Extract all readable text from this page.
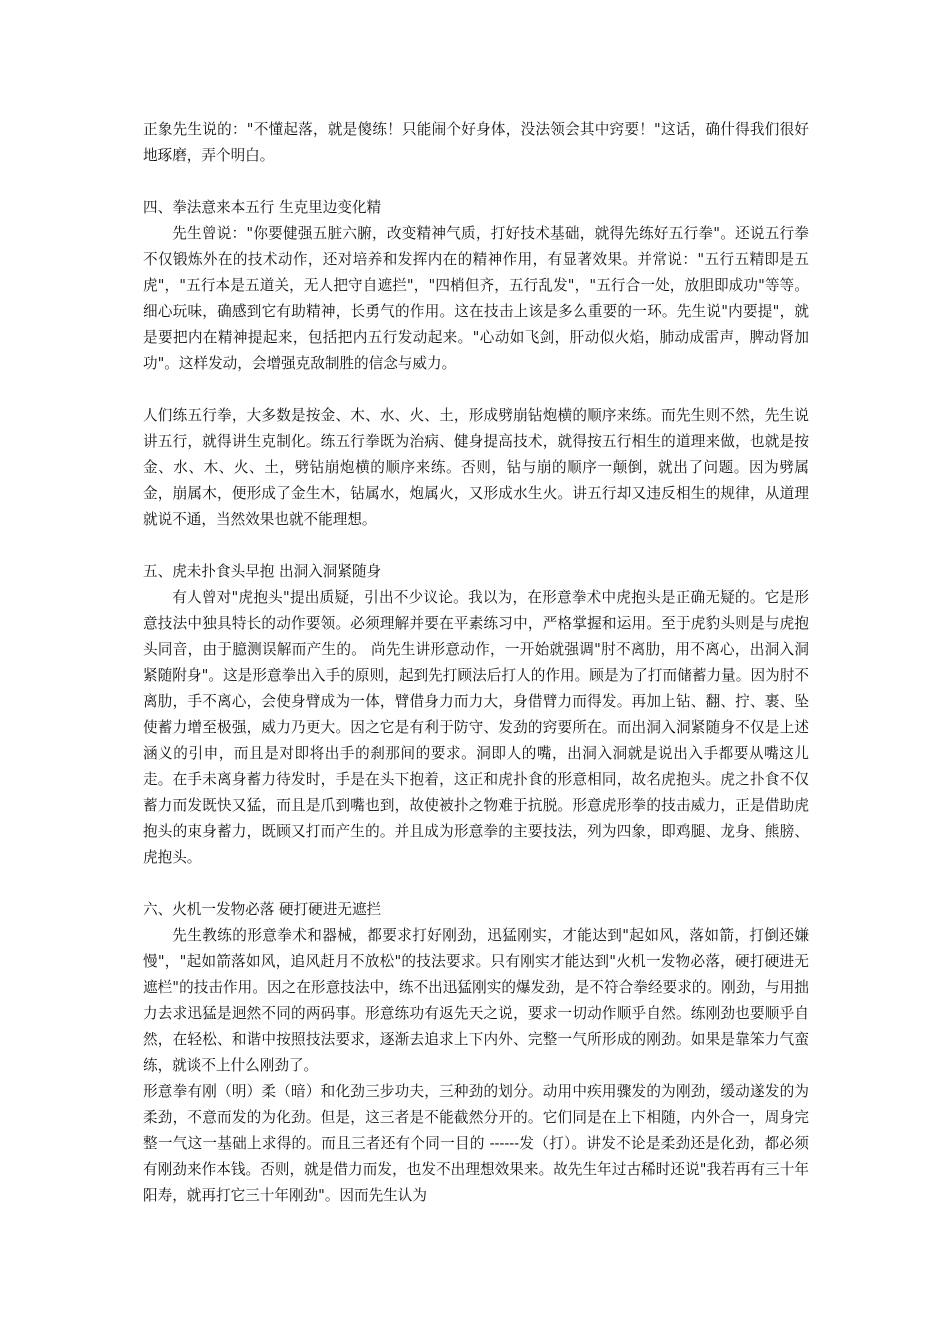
正象先生说的："不懂起落，就是傻练！只能闹个好身体，没法领会其中窍要！"这话，确什得我们很好地琢磨，弄个明白。

四、拳法意来本五行 生克里边变化精

先生曾说："你要健强五脏六腑，改变精神气质，打好技术基础，就得先练好五行拳"。还说五行拳不仅锻炼外在的技术动作，还对培养和发挥内在的精神作用，有显著效果。并常说："五行五精即是五虎"，"五行本是五道关，无人把守自遮拦"，"四梢但齐，五行乱发"，"五行合一处，放胆即成功"等等。细心玩味，确感到它有助精神，长勇气的作用。这在技击上该是多么重要的一环。先生说"内要提"，就是要把内在精神提起来，包括把内五行发动起来。"心动如飞剑，肝动似火焰，肺动成雷声，脾动肾加功"。这样发动，会增强克敌制胜的信念与威力。

人们练五行拳，大多数是按金、木、水、火、土，形成劈崩钻炮横的顺序来练。而先生则不然，先生说讲五行，就得讲生克制化。练五行拳既为治病、健身提高技术，就得按五行相生的道理来做，也就是按金、水、木、火、土，劈钻崩炮横的顺序来练。否则，钻与崩的顺序一颠倒，就出了问题。因为劈属金，崩属木，便形成了金生木，钻属水，炮属火，又形成水生火。讲五行却又违反相生的规律，从道理就说不通，当然效果也就不能理想。

五、虎未扑食头早抱 出洞入洞紧随身

有人曾对"虎抱头"提出质疑，引出不少议论。我以为，在形意拳术中虎抱头是正确无疑的。它是形意技法中独具特长的动作要领。必须理解并要在平素练习中，严格掌握和运用。至于虎豹头则是与虎抱头同音，由于臆测误解而产生的。 尚先生讲形意动作，一开始就强调"肘不离肋，用不离心，出洞入洞紧随附身"。这是形意拳出入手的原则，起到先打顾法后打人的作用。顾是为了打而储蓄力量。因为肘不离肋，手不离心，会使身臂成为一体，臂借身力而力大，身借臂力而得发。再加上钻、翻、拧、裹、坠使蓄力增至极强，威力乃更大。因之它是有利于防守、发劲的窍要所在。而出洞入洞紧随身不仅是上述涵义的引申，而且是对即将出手的刹那间的要求。洞即人的嘴，出洞入洞就是说出入手都要从嘴这儿走。在手未离身蓄力待发时，手是在头下抱着，这正和虎扑食的形意相同，故名虎抱头。虎之扑食不仅蓄力而发既快又猛，而且是爪到嘴也到，故使被扑之物难于抗脱。形意虎形拳的技击威力，正是借助虎抱头的束身蓄力，既顾又打而产生的。并且成为形意拳的主要技法，列为四象，即鸡腿、龙身、熊膀、虎抱头。

六、火机一发物必落 硬打硬进无遮拦

先生教练的形意拳术和器械，都要求打好刚劲，迅猛刚实，才能达到"起如风，落如箭，打倒还嫌慢"，"起如箭落如风，追风赶月不放松"的技法要求。只有刚实才能达到"火机一发物必落，硬打硬进无遮栏"的技击作用。因之在形意技法中，练不出迅猛刚实的爆发劲，是不符合拳经要求的。刚劲，与用拙力去求迅猛是迥然不同的两码事。形意练功有返先天之说，要求一切动作顺乎自然。练刚劲也要顺乎自然，在轻松、和谐中按照技法要求，逐渐去追求上下内外、完整一气所形成的刚劲。如果是靠笨力气蛮练，就谈不上什么刚劲了。

形意拳有刚（明）柔（暗）和化劲三步功夫，三种劲的划分。动用中疾用骤发的为刚劲，缓动遂发的为柔劲，不意而发的为化劲。但是，这三者是不能截然分开的。它们同是在上下相随，内外合一，周身完整一气这一基础上求得的。而且三者还有个同一目的 ------发（打）。讲发不论是柔劲还是化劲，都必须有刚劲来作本钱。否则，就是借力而发，也发不出理想效果来。故先生年过古稀时还说"我若再有三十年阳寿，就再打它三十年刚劲"。因而先生认为
